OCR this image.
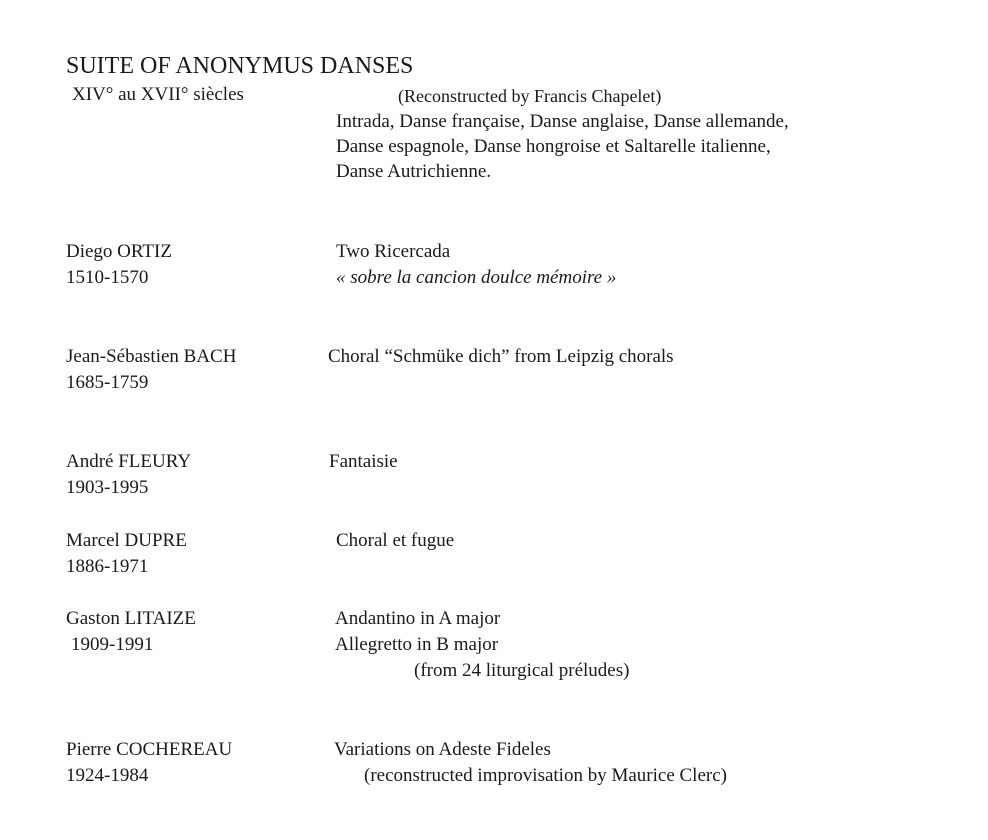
SUITE OF ANONYMUS DANSES
XIV° au XVII° siècles	(Reconstructed by Francis Chapelet)
Intrada, Danse française, Danse anglaise, Danse allemande,
Danse espagnole, Danse hongroise et Saltarelle italienne,
Danse Autrichienne.
Diego ORTIZ
1510-1570
Two Ricercada
« sobre la cancion doulce mémoire »
Jean-Sébastien BACH
1685-1759
Choral “Schmüke dich” from Leipzig chorals
André FLEURY
1903-1995
Fantaisie
Marcel DUPRE
1886-1971
Choral et fugue
Gaston LITAIZE
1909-1991
Andantino in A major
Allegretto in B major
(from 24 liturgical préludes)
Pierre COCHEREAU
1924-1984
Variations on Adeste Fideles
(reconstructed improvisation by Maurice Clerc)
